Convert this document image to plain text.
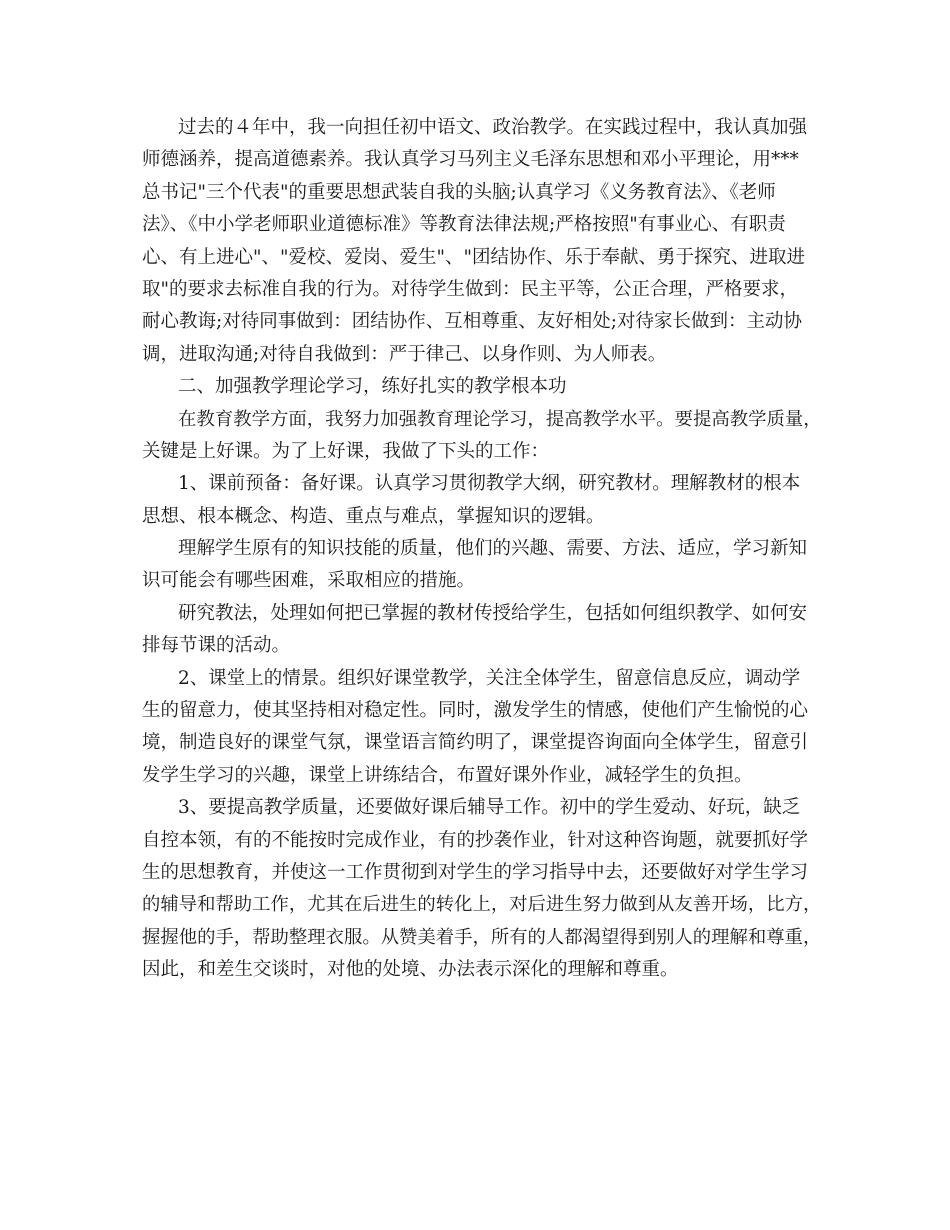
过去的４年中，我一向担任初中语文、政治教学。在实践过程中，我认真加强
师德涵养，提高道德素养。我认真学习马列主义毛泽东思想和邓小平理论，用***
总书记"三个代表"的重要思想武装自我的头脑;认真学习《义务教育法》、《老师
法》、《中小学老师职业道德标准》等教育法律法规;严格按照"有事业心、有职责
心、有上进心"、"爱校、爱岗、爱生"、"团结协作、乐于奉献、勇于探究、进取进
取"的要求去标准自我的行为。对待学生做到：民主平等，公正合理，严格要求，
耐心教诲;对待同事做到：团结协作、互相尊重、友好相处;对待家长做到：主动协
调，进取沟通;对待自我做到：严于律己、以身作则、为人师表。
二、加强教学理论学习，练好扎实的教学根本功
在教育教学方面，我努力加强教育理论学习，提高教学水平。要提高教学质量，
关键是上好课。为了上好课，我做了下头的工作：
1、课前预备：备好课。认真学习贯彻教学大纲，研究教材。理解教材的根本
思想、根本概念、构造、重点与难点，掌握知识的逻辑。
理解学生原有的知识技能的质量，他们的兴趣、需要、方法、适应，学习新知
识可能会有哪些困难，采取相应的措施。
研究教法，处理如何把已掌握的教材传授给学生，包括如何组织教学、如何安
排每节课的活动。
2、课堂上的情景。组织好课堂教学，关注全体学生，留意信息反应，调动学
生的留意力，使其坚持相对稳定性。同时，激发学生的情感，使他们产生愉悦的心
境，制造良好的课堂气氛，课堂语言简约明了，课堂提咨询面向全体学生，留意引
发学生学习的兴趣，课堂上讲练结合，布置好课外作业，减轻学生的负担。
3、要提高教学质量，还要做好课后辅导工作。初中的学生爱动、好玩，缺乏
自控本领，有的不能按时完成作业，有的抄袭作业，针对这种咨询题，就要抓好学
生的思想教育，并使这一工作贯彻到对学生的学习指导中去，还要做好对学生学习
的辅导和帮助工作，尤其在后进生的转化上，对后进生努力做到从友善开场，比方，
握握他的手，帮助整理衣服。从赞美着手，所有的人都渴望得到别人的理解和尊重，
因此，和差生交谈时，对他的处境、办法表示深化的理解和尊重。
